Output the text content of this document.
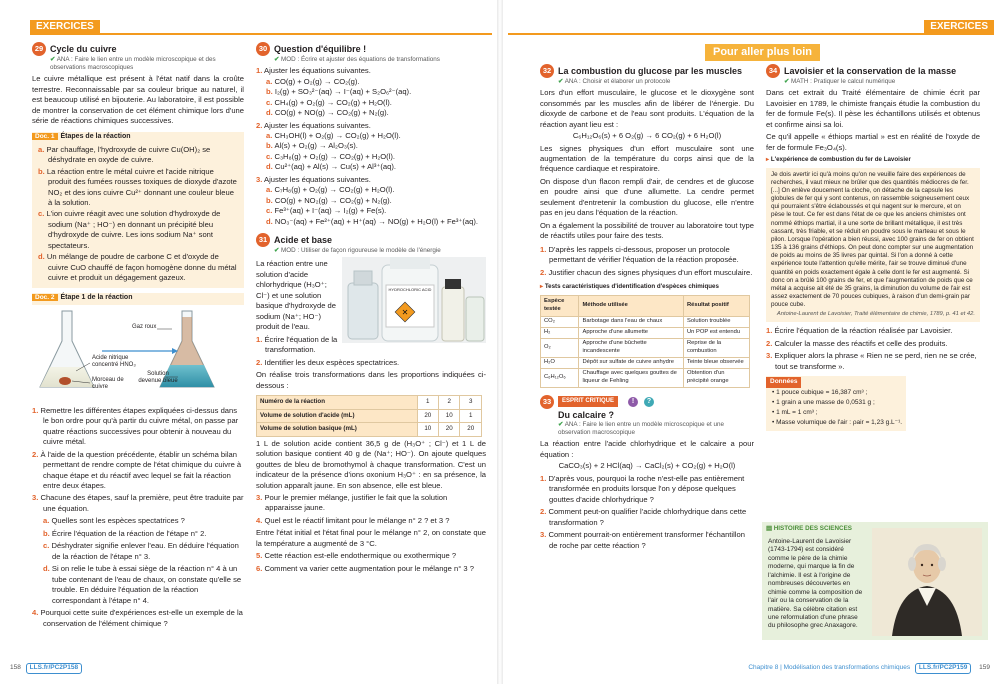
EXERCICES
29 Cycle du cuivre
✔ ANA : Faire le lien entre un modèle microscopique et des observations macroscopiques

Le cuivre métallique est présent à l'état natif dans la croûte terrestre. Reconnaissable par sa couleur brique au naturel, il est beaucoup utilisé en bijouterie. Au laboratoire, il est possible de montrer la conservation de cet élément chimique lors d'une série de réactions chimiques successives.

Doc. 1 Étapes de la réaction
a. Par chauffage, l'hydroxyde de cuivre Cu(OH)₂ se déshydrate en oxyde de cuivre.
b. La réaction entre le métal cuivre et l'acide nitrique produit des fumées rousses toxiques de dioxyde d'azote NO₂ et des ions cuivre Cu²⁺ donnant une couleur bleue à la solution.
c. L'ion cuivre réagit avec une solution d'hydroxyde de sodium (Na⁺ ; HO⁻) en donnant un précipité bleu d'hydroxyde de cuivre. Les ions sodium Na⁺ sont spectateurs.
d. Un mélange de poudre de carbone C et d'oxyde de cuivre CuO chauffé de façon homogène donne du métal cuivre et produit un dégagement gazeux.
Doc. 2 Étape 1 de la réaction
Gaz roux
Acide nitrique concentré HNO₃
Morceau de cuivre
Solution devenue bleue
1. Remettre les différentes étapes expliquées ci-dessus dans le bon ordre pour qu'à partir du cuivre métal, on passe par quatre réactions successives pour obtenir à nouveau du cuivre métal.
2. À l'aide de la question précédente, établir un schéma bilan permettant de rendre compte de l'état chimique du cuivre à chaque étape et du réactif avec lequel se fait la réaction entre deux étapes.
3. Chacune des étapes, sauf la première, peut être traduite par une équation.
a. Quelles sont les espèces spectatrices ?
b. Écrire l'équation de la réaction de l'étape n° 2.
c. Déshydrater signifie enlever l'eau. En déduire l'équation de la réaction de l'étape n° 3.
d. Si on relie le tube à essai siège de la réaction n° 4 à un tube contenant de l'eau de chaux, on constate qu'elle se trouble. En déduire l'équation de la réaction correspondant à l'étape n° 4.
4. Pourquoi cette suite d'expériences est-elle un exemple de la conservation de l'élément chimique ?
30 Question d'équilibre !
✔ MOD : Écrire et ajuster des équations de transformations
1. Ajuster les équations suivantes.
a. CO(g) + O₂(g) → CO₂(g).
b. I₂(g) + SO₃²⁻(aq) → I⁻(aq) + S₂O₆²⁻(aq).
c. CH₄(g) + O₂(g) → CO₂(g) + H₂O(l).
d. CO(g) + NO(g) → CO₂(g) + N₂(g).
2. Ajuster les équations suivantes.
a. CH₃OH(l) + O₂(g) → CO₂(g) + H₂O(l).
b. Al(s) + O₂(g) → Al₂O₃(s).
c. C₃H₈(g) + O₂(g) → CO₂(g) + H₂O(l).
d. Cu²⁺(aq) + Al(s) → Cu(s) + Al³⁺(aq).
3. Ajuster les équations suivantes.
a. C₇H₈(g) + O₂(g) → CO₂(g) + H₂O(l).
b. CO(g) + NO₂(g) → CO₂(g) + N₂(g).
c. Fe³⁺(aq) + I⁻(aq) → I₂(g) + Fe(s).
d. NO₃⁻(aq) + Fe²⁺(aq) + H⁺(aq) → NO(g) + H₂O(l) + Fe³⁺(aq).
31 Acide et base
✔ MOD : Utiliser de façon rigoureuse le modèle de l'énergie

La réaction entre une solution d'acide chlorhydrique (H₃O⁺; Cl⁻) et une solution basique d'hydroxyde de sodium (Na⁺; HO⁻) produit de l'eau.

1. Écrire l'équation de la transformation.
✕
HYDROCHLORIC ACID
2. Identifier les deux espèces spectatrices.

On réalise trois transformations dans les proportions indiquées ci-dessous :

Numéro de la réaction	1	2	3
Volume de solution d'acide (mL)	20	10	1
Volume de solution basique (mL)	10	20	20

1 L de solution acide contient 36,5 g de (H₃O⁺ ; Cl⁻) et 1 L de solution basique contient 40 g de (Na⁺; HO⁻). On ajoute quelques gouttes de bleu de bromothymol à chaque transformation. C'est un indicateur de la présence d'ions oxonium H₃O⁺ : en sa présence, la solution apparaît jaune. En son absence, elle est bleue.

3. Pour le premier mélange, justifier le fait que la solution apparaisse jaune.
4. Quel est le réactif limitant pour le mélange n° 2 ? et 3 ?

Entre l'état initial et l'état final pour le mélange n° 2, on constate que la température a augmenté de 3 °C.

5. Cette réaction est-elle endothermique ou exothermique ?
6. Comment va varier cette augmentation pour le mélange n° 3 ?
158 LLS.fr/PC2P158
EXERCICES
Pour aller plus loin
32 La combustion du glucose par les muscles
✔ ANA : Choisir et élaborer un protocole

Lors d'un effort musculaire, le glucose et le dioxygène sont consommés par les muscles afin de libérer de l'énergie. Du dioxyde de carbone et de l'eau sont produits. L'équation de la réaction ayant lieu est :

C₆H₁₂O₆(s) + 6 O₂(g) → 6 CO₂(g) + 6 H₂O(l)

Les signes physiques d'un effort musculaire sont une augmentation de la température du corps ainsi que de la fréquence cardiaque et respiratoire.

On dispose d'un flacon rempli d'air, de cendres et de glucose en poudre ainsi que d'une allumette. La cendre permet seulement d'entretenir la combustion du glucose, elle n'entre pas en jeu dans l'équation de la réaction.

On a également la possibilité de trouver au laboratoire tout type de réactifs utiles pour faire des tests.

1. D'après les rappels ci-dessous, proposer un protocole permettant de vérifier l'équation de la réaction proposée.
2. Justifier chacun des signes physiques d'un effort musculaire.
▸ Tests caractéristiques d'identification d'espèces chimiques
Espèce testée	Méthode utilisée	Résultat positif
CO₂	Barbotage dans l'eau de chaux	Solution troublée
H₂	Approche d'une allumette	Un POP est entendu
O₂	Approche d'une bûchette incandescente	Reprise de la combustion
H₂O	Dépôt sur sulfate de cuivre anhydre	Teinte bleue observée
C₆H₁₂O₆	Chauffage avec quelques gouttes de liqueur de Fehling	Obtention d'un précipité orange
33	ESPRIT CRITIQUE	!	?
Du calcaire ?
✔ ANA : Faire le lien entre un modèle microscopique et une observation macroscopique

La réaction entre l'acide chlorhydrique et le calcaire a pour équation :

CaCO₃(s) + 2 HCl(aq) → CaCl₂(s) + CO₂(g) + H₂O(l)
1. D'après vous, pourquoi la roche n'est-elle pas entièrement transformée en produits lorsque l'on y dépose quelques gouttes d'acide chlorhydrique ?
2. Comment peut-on qualifier l'acide chlorhydrique dans cette transformation ?
3. Comment pourrait-on entièrement transformer l'échantillon de roche par cette réaction ?
34 Lavoisier et la conservation de la masse
✔ MATH : Pratiquer le calcul numérique

Dans cet extrait du Traité élémentaire de chimie écrit par Lavoisier en 1789, le chimiste français étudie la combustion du fer de formule Fe(s). Il pèse les échantillons utilisés et obtenus et confirme ainsi sa loi.

Ce qu'il appelle « éthiops martial » est en réalité de l'oxyde de fer de formule Fe₃O₄(s).

▸ L'expérience de combustion du fer de Lavoisier
Je dois avertir ici qu'à moins qu'on ne veuille faire des expériences de recherches, il vaut mieux ne brûler que des quantités médiocres de fer. [...] On enlève doucement la cloche, on détache de la capsule les globules de fer qui y sont contenus, on rassemble soigneusement ceux qui pourraient s'être éclaboussés et qui nagent sur le mercure, et on pèse le tout. Ce fer est dans l'état de ce que les anciens chimistes ont nommé éthiops martial, il a une sorte de brillant métallique, il est très cassant, très friable, et se réduit en poudre sous le marteau et sous le pilon. Lorsque l'opération a bien réussi, avec 100 grains de fer on obtient 135 à 136 grains d'éthiops. On peut donc compter sur une augmentation de poids au moins de 35 livres par quintal. Si l'on a donné à cette expérience toute l'attention qu'elle mérite, l'air se trouve diminué d'une quantité en poids exactement égale à celle dont le fer est augmenté. Si donc on a brûlé 100 grains de fer, et que l'augmentation de poids que ce métal a acquise ait été de 35 grains, la diminution du volume de l'air est assez exactement de 70 pouces cubiques, à raison d'un demi-grain par pouce cube.
Antoine-Laurent de Lavoisier, Traité élémentaire de chimie, 1789, p. 41 et 42.
1. Écrire l'équation de la réaction réalisée par Lavoisier.
2. Calculer la masse des réactifs et celle des produits.
3. Expliquer alors la phrase « Rien ne se perd, rien ne se crée, tout se transforme ».
Données
• 1 pouce cubique = 16,387 cm³ ;
• 1 grain a une masse de 0,0531 g ;
• 1 mL = 1 cm³ ;
• Masse volumique de l'air : ρair = 1,23 g.L⁻¹.
▤ HISTOIRE DES SCIENCES
Antoine-Laurent de Lavoisier (1743-1794) est considéré comme le père de la chimie moderne, qui marque la fin de l'alchimie. Il est à l'origine de nombreuses découvertes en chimie comme la composition de l'air ou la conservation de la matière. Sa célèbre citation est une reformulation d'une phrase du philosophe grec Anaxagore.
Chapitre 8 | Modélisation des transformations chimiques LLS.fr/PC2P159 159
